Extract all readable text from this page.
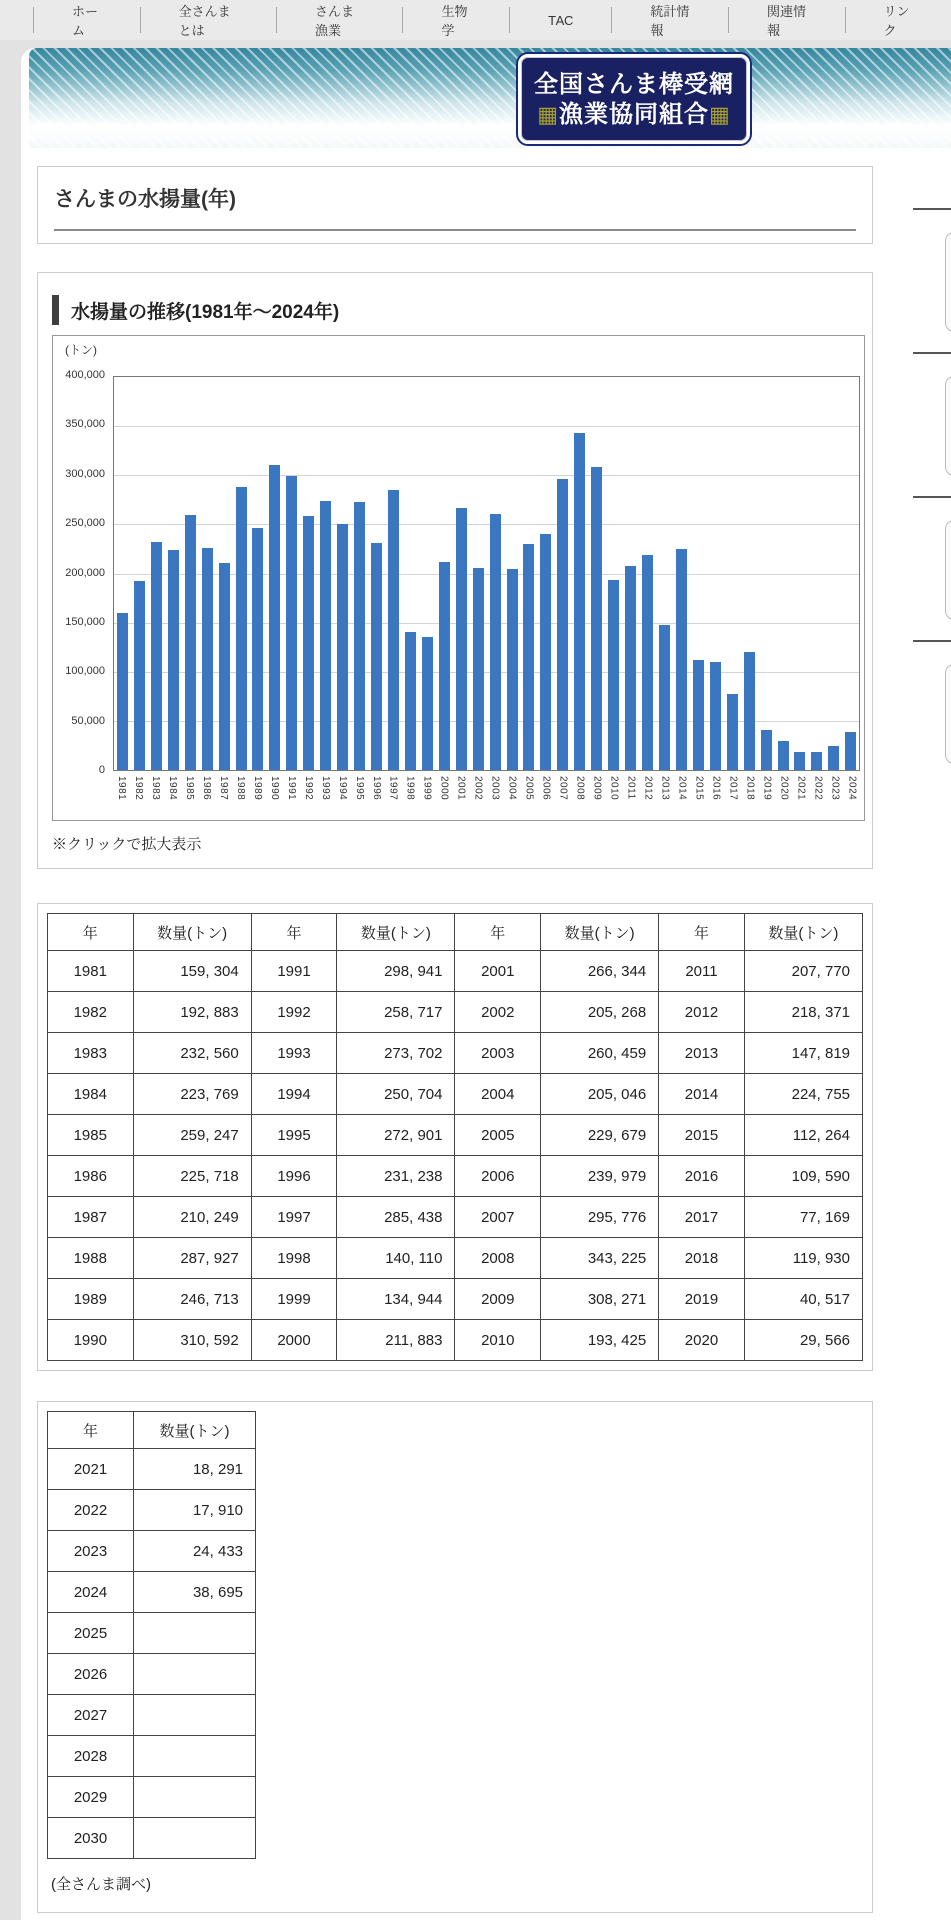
ホーム
全さんまとは
さんま漁業
生物学
ТАС
統計情報
関連情報
リンク
全国さんま棒受網
▦漁業協同組合▦
さんまの水揚量(年)
水揚量の推移(1981年〜2024年)
(トン)
400,000
350,000
300,000
250,000
200,000
150,000
100,000
50,000
0
1981 1982 1983 1984 1985 1986 1987 1988 1989 1990 1991 1992 1993 1994 1995 1996 1997 1998 1999 2000 2001 2002 2003 2004 2005 2006 2007 2008 2009 2010 2011 2012 2013 2014 2015 2016 2017 2018 2019 2020 2021 2022 2023 2024
※クリックで拡大表示
年	数量(トン)	年	数量(トン)	年	数量(トン)	年	数量(トン)
1981	159, 304	1991	298, 941	2001	266, 344	2011	207, 770
1982	192, 883	1992	258, 717	2002	205, 268	2012	218, 371
1983	232, 560	1993	273, 702	2003	260, 459	2013	147, 819
1984	223, 769	1994	250, 704	2004	205, 046	2014	224, 755
1985	259, 247	1995	272, 901	2005	229, 679	2015	112, 264
1986	225, 718	1996	231, 238	2006	239, 979	2016	109, 590
1987	210, 249	1997	285, 438	2007	295, 776	2017	77, 169
1988	287, 927	1998	140, 110	2008	343, 225	2018	119, 930
1989	246, 713	1999	134, 944	2009	308, 271	2019	40, 517
1990	310, 592	2000	211, 883	2010	193, 425	2020	29, 566
年	数量(トン)
2021	18, 291
2022	17, 910
2023	24, 433
2024	38, 695
2025	
2026	
2027	
2028	
2029	
2030	
(全さんま調べ)
